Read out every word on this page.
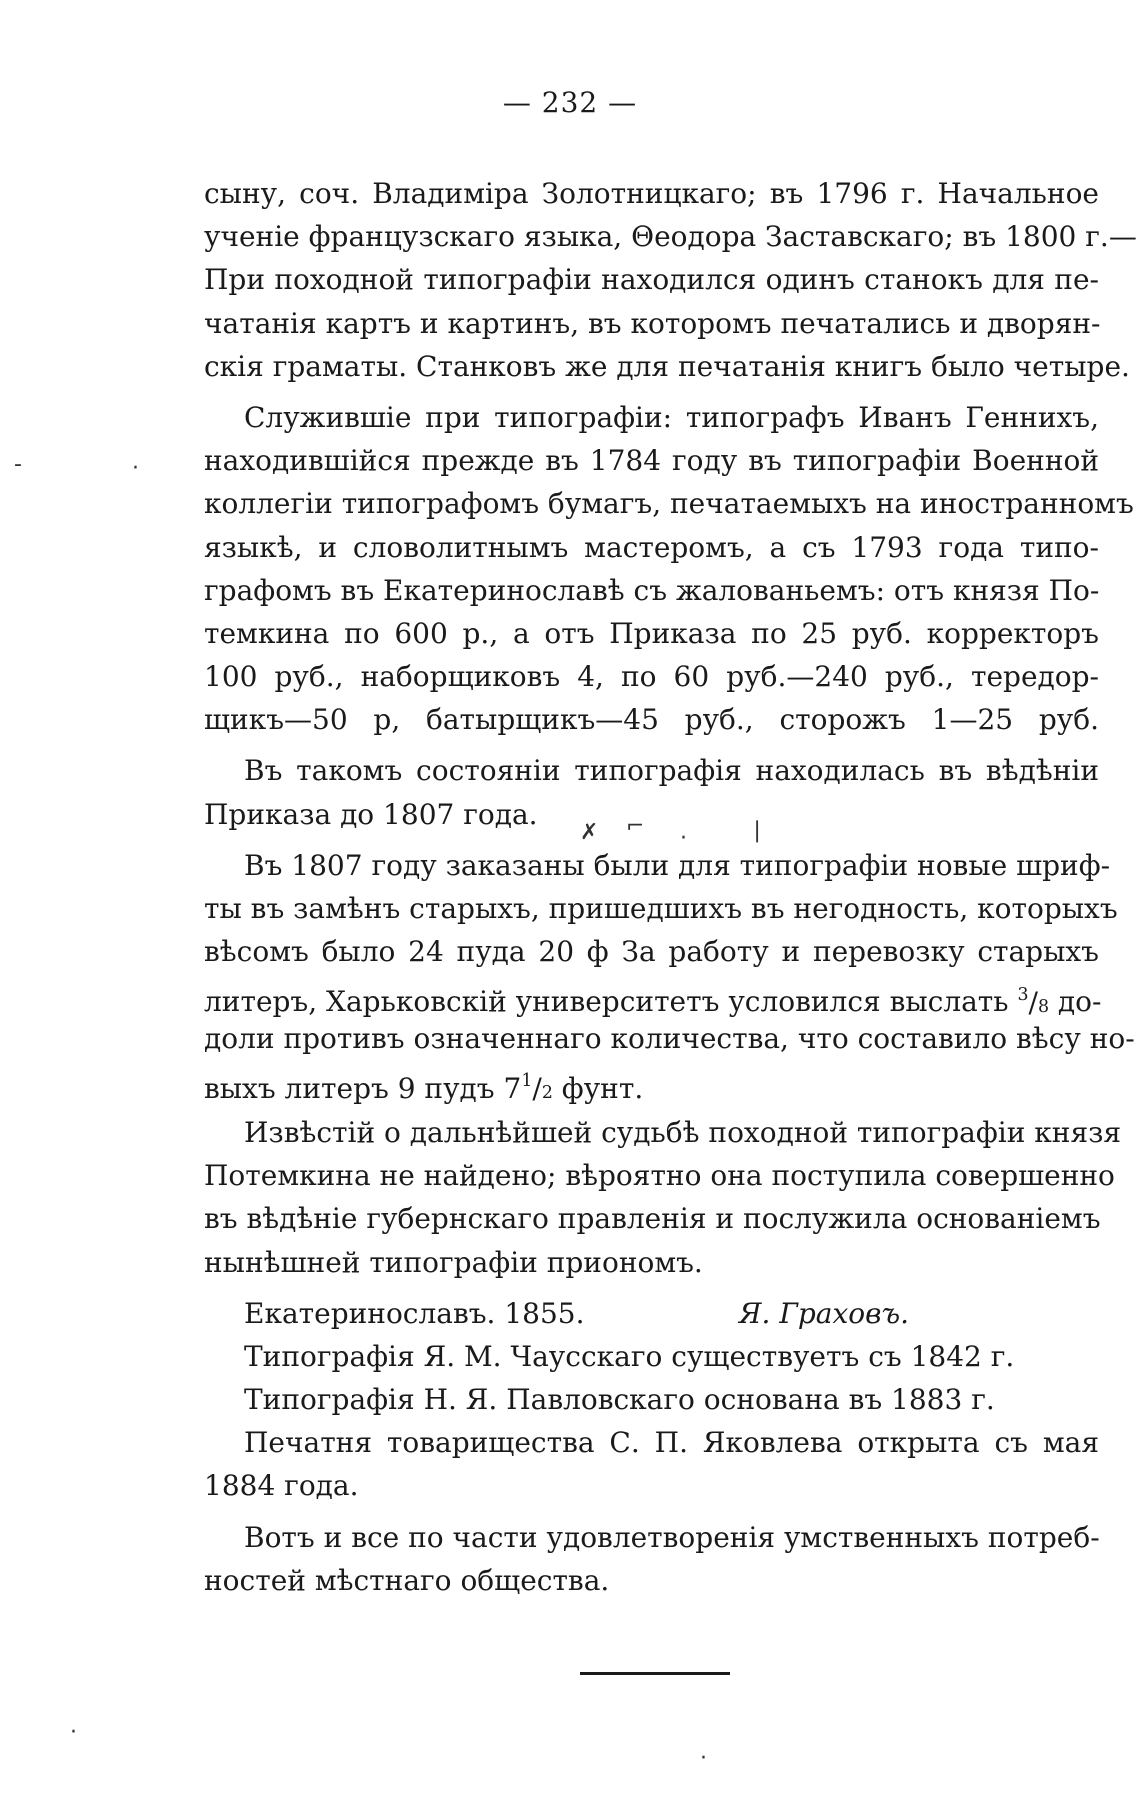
— 232 —
сыну, соч. Владиміра Золотницкаго; въ 1796 г. Начальное
ученіе французскаго языка, Θеодора Заставскаго; въ 1800 г.—
При походной типографіи находился одинъ станокъ для пе-
чатанія картъ и картинъ, въ которомъ печатались и дворян-
скія граматы. Станковъ же для печатанія книгъ было четыре.
Служившіе при типографіи: типографъ Иванъ Геннихъ,
находившійся прежде въ 1784 году въ типографіи Военной
коллегіи типографомъ бумагъ, печатаемыхъ на иностранномъ
языкѣ, и словолитнымъ мастеромъ, а съ 1793 года типо-
графомъ въ Екатеринославѣ съ жалованьемъ: отъ князя По-
темкина по 600 р., а отъ Приказа по 25 руб. корректоръ
100 руб., наборщиковъ 4, по 60 руб.—240 руб., тередор-
щикъ—50 р, батырщикъ—45 руб., сторожъ 1—25 руб.
Въ такомъ состояніи типографія находилась въ вѣдѣніи
Приказа до 1807 года.
Въ 1807 году заказаны были для типографіи новые шриф-
ты въ замѣнъ старыхъ, пришедшихъ въ негодность, которыхъ
вѣсомъ было 24 пуда 20 ф За работу и перевозку старыхъ
литеръ, Харьковскій университетъ условился выслать $^3$/8 до-
доли противъ означеннаго количества, что составило вѣсу но-
выхъ литеръ 9 пудъ $7^1/2$ фунт.
Извѣстій о дальнѣйшей судьбѣ походной типографіи князя
Потемкина не найдено; вѣроятно она поступила совершенно
въ вѣдѣніе губернскаго правленія и послужила основаніемъ
нынѣшней типографіи приономъ.
Екатеринославъ. 1855.	Я. Граховъ.
Типографія Я. М. Чаусскаго существуетъ съ 1842 г.
Типографія Н. Я. Павловскаго основана въ 1883 г.
Печатня товарищества С. П. Яковлева открыта съ мая
1884 года.
Вотъ и все по части удовлетворенія умственныхъ потреб-
ностей мѣстнаго общества.
-	·
✗ ⌐ ·	❘
·
·
